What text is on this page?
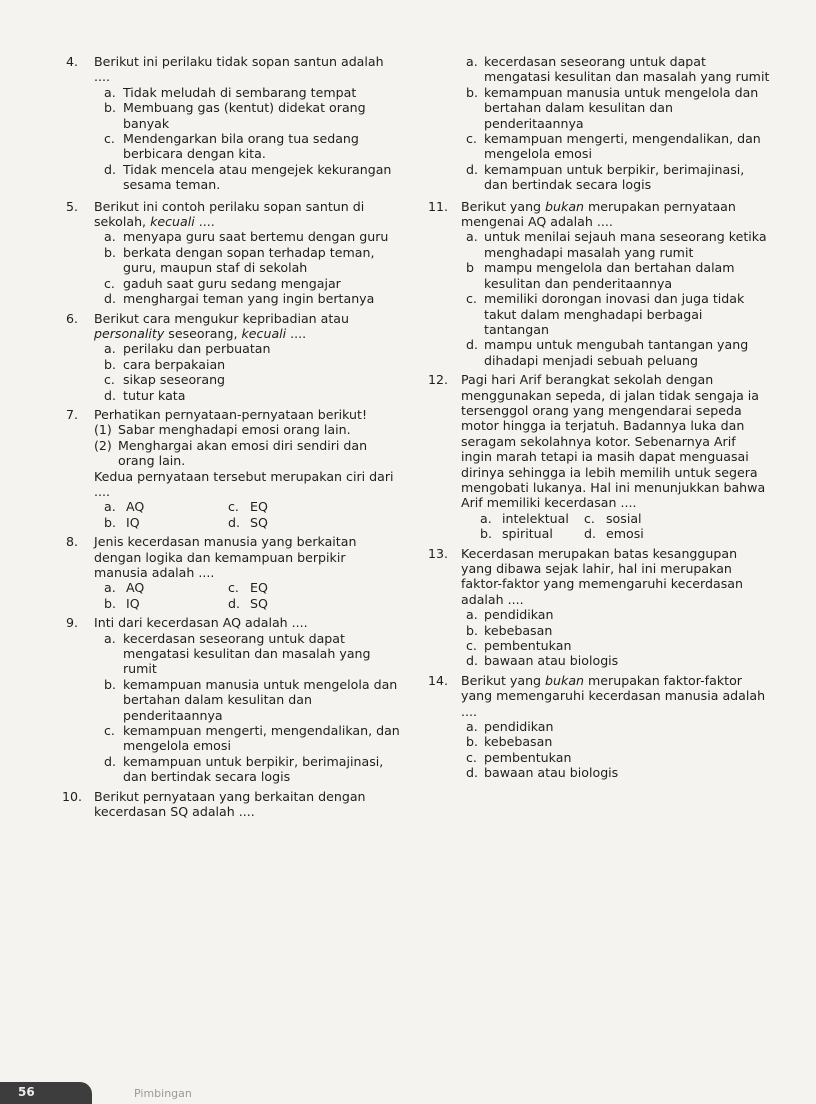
4.	Berikut ini perilaku tidak sopan santun adalah ....
a. Tidak meludah di sembarang tempat
b. Membuang gas (kentut) didekat orang banyak
c. Mendengarkan bila orang tua sedang berbicara dengan kita.
d. Tidak mencela atau mengejek kekurangan sesama teman.
5.	Berikut ini contoh perilaku sopan santun di sekolah, kecuali ....
a. menyapa guru saat bertemu dengan guru
b. berkata dengan sopan terhadap teman, guru, maupun staf di sekolah
c. gaduh saat guru sedang mengajar
d. menghargai teman yang ingin bertanya
6.	Berikut cara mengukur kepribadian atau personality seseorang, kecuali ....
a. perilaku dan perbuatan
b. cara berpakaian
c. sikap seseorang
d. tutur kata
7.	Perhatikan pernyataan-pernyataan berikut!
(1) Sabar menghadapi emosi orang lain.
(2) Menghargai akan emosi diri sendiri dan orang lain.
Kedua pernyataan tersebut merupakan ciri dari ....
a. AQ	c. EQ
b. IQ	d. SQ
8.	Jenis kecerdasan manusia yang berkaitan dengan logika dan kemampuan berpikir manusia adalah ....
a. AQ	c. EQ
b. IQ	d. SQ
9.	Inti dari kecerdasan AQ adalah ....
a. kecerdasan seseorang untuk dapat mengatasi kesulitan dan masalah yang rumit
b. kemampuan manusia untuk mengelola dan bertahan dalam kesulitan dan penderitaannya
c. kemampuan mengerti, mengendalikan, dan mengelola emosi
d. kemampuan untuk berpikir, berimajinasi, dan bertindak secara logis
10. Berikut pernyataan yang berkaitan dengan kecerdasan SQ adalah ....
a. kecerdasan seseorang untuk dapat mengatasi kesulitan dan masalah yang rumit
b. kemampuan manusia untuk mengelola dan bertahan dalam kesulitan dan penderitaannya
c. kemampuan mengerti, mengendalikan, dan mengelola emosi
d. kemampuan untuk berpikir, berimajinasi, dan bertindak secara logis
11.	Berikut yang bukan merupakan pernyataan mengenai AQ adalah ....
a. untuk menilai sejauh mana seseorang ketika menghadapi masalah yang rumit
b mampu mengelola dan bertahan dalam kesulitan dan penderitaannya
c. memiliki dorongan inovasi dan juga tidak takut dalam menghadapi berbagai tantangan
d. mampu untuk mengubah tantangan yang dihadapi menjadi sebuah peluang
12.	Pagi hari Arif berangkat sekolah dengan menggunakan sepeda, di jalan tidak sengaja ia tersenggol orang yang mengendarai sepeda motor hingga ia terjatuh. Badannya luka dan seragam sekolahnya kotor. Sebenarnya Arif ingin marah tetapi ia masih dapat menguasai dirinya sehingga ia lebih memilih untuk segera mengobati lukanya. Hal ini menunjukkan bahwa Arif memiliki kecerdasan ....
a. intelektual c. sosial
b. spiritual d. emosi
13.	Kecerdasan merupakan batas kesanggupan yang dibawa sejak lahir, hal ini merupakan faktor-faktor yang memengaruhi kecerdasan adalah ....
a. pendidikan
b. kebebasan
c. pembentukan
d. bawaan atau biologis
14.	Berikut yang bukan merupakan faktor-faktor yang memengaruhi kecerdasan manusia adalah ....
a. pendidikan
b. kebebasan
c. pembentukan
d. bawaan atau biologis
56	Pimbingan
